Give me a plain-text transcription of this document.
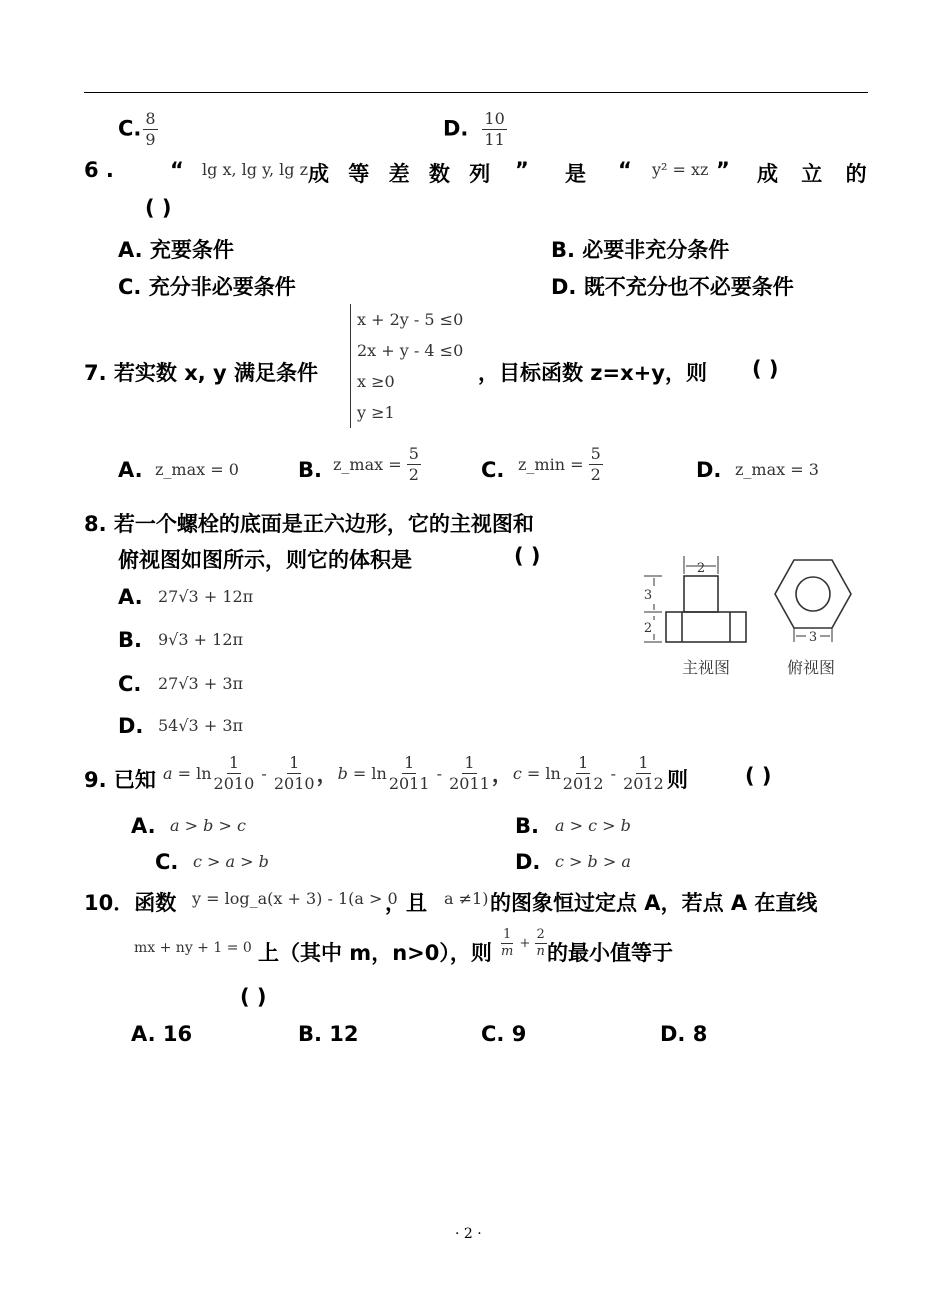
C. $\frac{8}{9}$	D. $\frac{10}{11}$
6 .	“ lg x, lg y, lg z 成 等 差 数 列 ” 是 “ y² = xz ” 成 立 的
( )
A. 充要条件	B. 必要非充分条件
C. 充分非必要条件	D. 既不充分也不必要条件
7. 若实数 x, y 满足条件
x + 2y - 5 ≤0
2x + y - 4 ≤0
x ≥0
y ≥1
，目标函数 z=x+y，则 ( )
A. z_max = 0	B. z_max = $\frac{5}{2}$	C. z_min = $\frac{5}{2}$	D. z_max = 3
8. 若一个螺栓的底面是正六边形，它的主视图和
俯视图如图所示，则它的体积是	( )
A. 27√3 + 12π
B. 9√3 + 12π
C. 27√3 + 3π
D. 54√3 + 3π
2
3
2
主视图
3
俯视图
9. 已知 $a = \ln \frac{1}{2010} - \frac{1}{2010}$ ，$b = \ln \frac{1}{2011} - \frac{1}{2011}$ ，$c = \ln \frac{1}{2012} - \frac{1}{2012}$ 则	( )
A. a > b > c	B. a > c > b
C. c > a > b	D. c > b > a
10．函数 y = log_a(x + 3) - 1(a > 0
，且 a ≠1) 的图象恒过定点 A，若点 A 在直线
mx + ny + 1 = 0 上（其中 m，n>0），则 $\frac{1}{m} + \frac{2}{n}$ 的最小值等于
( )
A. 16	B. 12	C. 9	D. 8
· 2 ·
